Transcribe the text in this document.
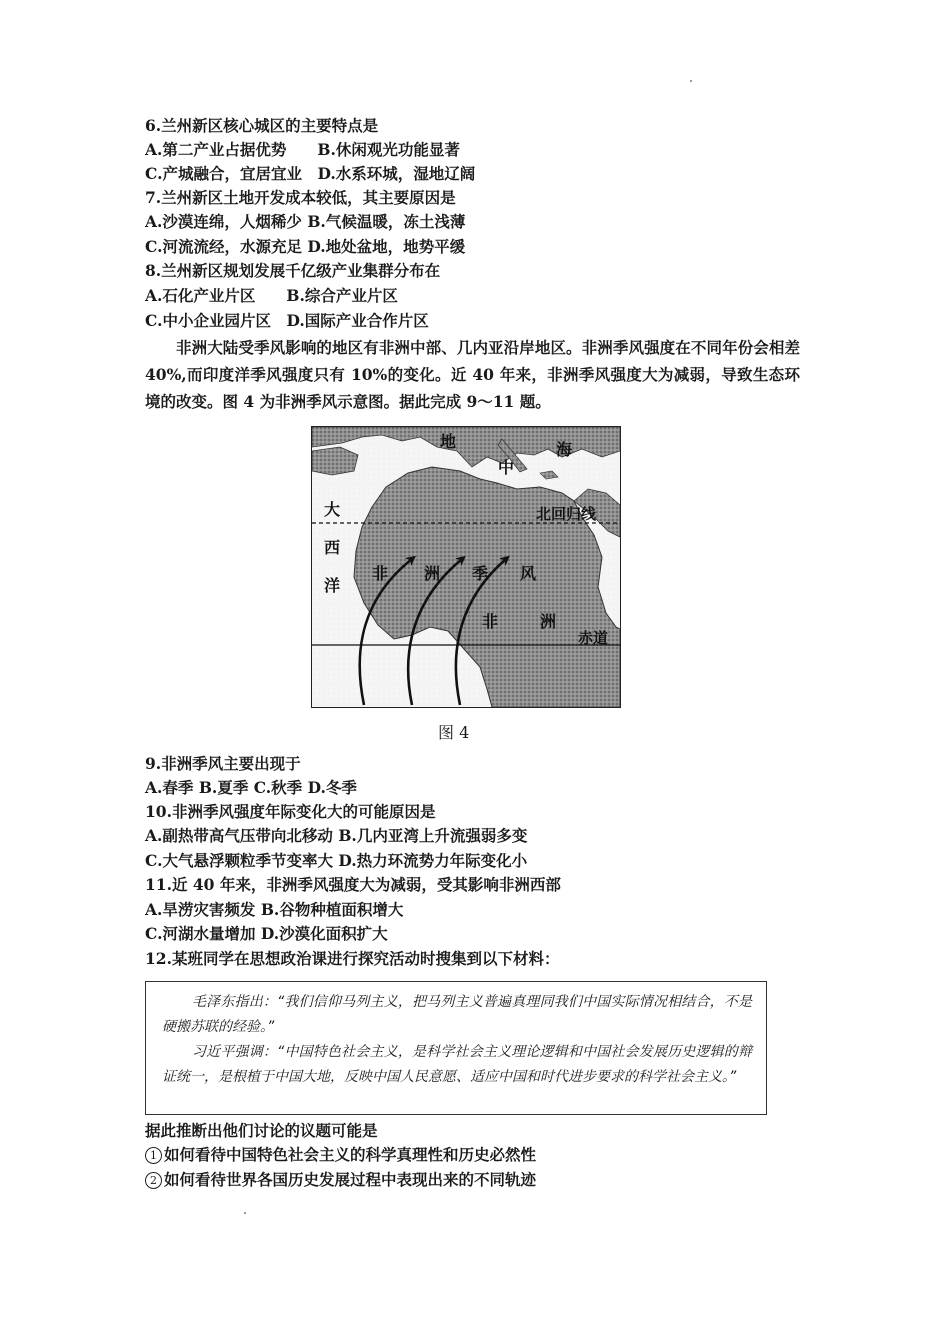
6.兰州新区核心城区的主要特点是
A.第二产业占据优势　　B.休闲观光功能显著
C.产城融合，宜居宜业　D.水系环城，湿地辽阔
7.兰州新区土地开发成本较低，其主要原因是
A.沙漠连绵，人烟稀少 B.气候温暖，冻土浅薄
C.河流流经，水源充足 D.地处盆地，地势平缓
8.兰州新区规划发展千亿级产业集群分布在
A.石化产业片区　　B.综合产业片区
C.中小企业园片区　D.国际产业合作片区
非洲大陆受季风影响的地区有非洲中部、几内亚沿岸地区。非洲季风强度在不同年份会相差 40%,而印度洋季风强度只有 10%的变化。近 40 年来，非洲季风强度大为减弱，导致生态环境的改变。图 4 为非洲季风示意图。据此完成 9～11 题。
地
中
海
大
西
洋
北回归线
赤道
非 洲 季 风
非	洲
图 4
9.非洲季风主要出现于
A.春季 B.夏季 C.秋季 D.冬季
10.非洲季风强度年际变化大的可能原因是
A.副热带高气压带向北移动 B.几内亚湾上升流强弱多变
C.大气悬浮颗粒季节变率大 D.热力环流势力年际变化小
11.近 40 年来，非洲季风强度大为减弱，受其影响非洲西部
A.旱涝灾害频发 B.谷物种植面积增大
C.河湖水量增加 D.沙漠化面积扩大
12.某班同学在思想政治课进行探究活动时搜集到以下材料：

毛泽东指出：“我们信仰马列主义，把马列主义普遍真理同我们中国实际情况相结合，不是硬搬苏联的经验。”

习近平强调：“中国特色社会主义，是科学社会主义理论逻辑和中国社会发展历史逻辑的辩证统一，是根植于中国大地，反映中国人民意愿、适应中国和时代进步要求的科学社会主义。”

据此推断出他们讨论的议题可能是
1 如何看待中国特色社会主义的科学真理性和历史必然性
2 如何看待世界各国历史发展过程中表现出来的不同轨迹
